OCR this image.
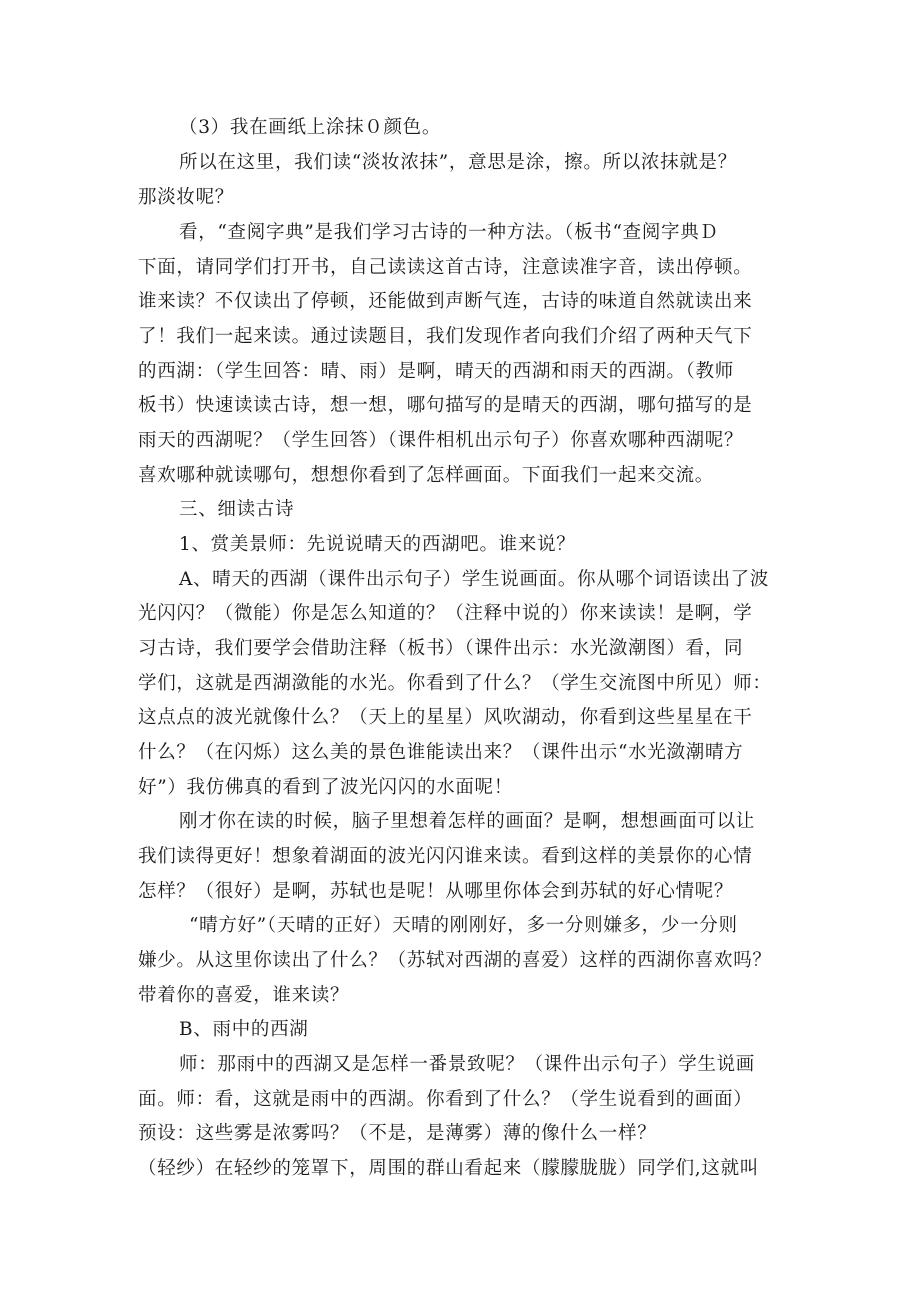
（3）我在画纸上涂抹０颜色。
所以在这里，我们读“淡妆浓抹”，意思是涂，擦。所以浓抹就是？
那淡妆呢？
看，“查阅字典”是我们学习古诗的一种方法。（板书“查阅字典Ｄ
下面，请同学们打开书，自己读读这首古诗，注意读准字音，读出停顿。
谁来读？不仅读出了停顿，还能做到声断气连，古诗的味道自然就读出来
了！我们一起来读。通过读题目，我们发现作者向我们介绍了两种天气下
的西湖：（学生回答：晴、雨）是啊，晴天的西湖和雨天的西湖。（教师
板书）快速读读古诗，想一想，哪句描写的是晴天的西湖，哪句描写的是
雨天的西湖呢？（学生回答）（课件相机出示句子）你喜欢哪种西湖呢？
喜欢哪种就读哪句，想想你看到了怎样画面。下面我们一起来交流。
三、细读古诗
1、赏美景师：先说说晴天的西湖吧。谁来说？
A、晴天的西湖（课件出示句子）学生说画面。你从哪个词语读出了波
光闪闪？（微能）你是怎么知道的？（注释中说的）你来读读！是啊，学
习古诗，我们要学会借助注释（板书）（课件出示：水光潋潮图）看，同
学们，这就是西湖潋能的水光。你看到了什么？（学生交流图中所见）师：
这点点的波光就像什么？（天上的星星）风吹湖动，你看到这些星星在干
什么？（在闪烁）这么美的景色谁能读出来？（课件出示“水光潋潮晴方
好”）我仿佛真的看到了波光闪闪的水面呢！
刚才你在读的时候，脑子里想着怎样的画面？是啊，想想画面可以让
我们读得更好！想象着湖面的波光闪闪谁来读。看到这样的美景你的心情
怎样？（很好）是啊，苏轼也是呢！从哪里你体会到苏轼的好心情呢？
“晴方好”（天晴的正好）天晴的刚刚好，多一分则嫌多，少一分则
嫌少。从这里你读出了什么？（苏轼对西湖的喜爱）这样的西湖你喜欢吗？
带着你的喜爱，谁来读？
B、雨中的西湖
师：那雨中的西湖又是怎样一番景致呢？（课件出示句子）学生说画
面。师：看，这就是雨中的西湖。你看到了什么？（学生说看到的画面）
预设：这些雾是浓雾吗？（不是，是薄雾）薄的像什么一样？
（轻纱）在轻纱的笼罩下，周围的群山看起来（朦朦胧胧）同学们,这就叫
